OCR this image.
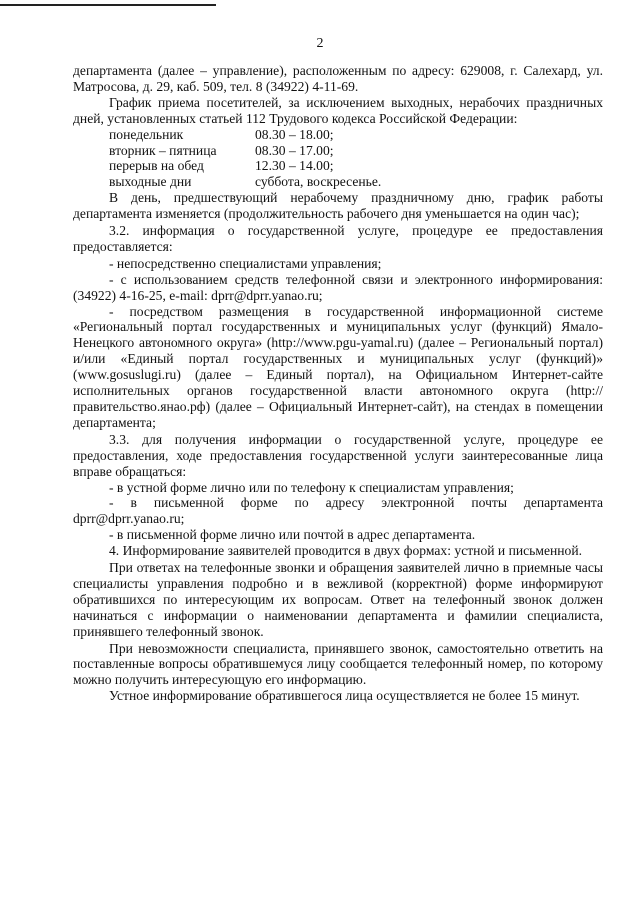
2

департамента (далее – управление), расположенным по адресу: 629008, г. Салехард, ул. Матросова, д. 29, каб. 509, тел. 8 (34922) 4-11-69.

График приема посетителей, за исключением выходных, нерабочих праздничных дней, установленных статьей 112 Трудового кодекса Российской Федерации:

понедельник	08.30 – 18.00;
вторник – пятница	08.30 – 17.00;
перерыв на обед	12.30 – 14.00;
выходные дни	суббота, воскресенье.

В день, предшествующий нерабочему праздничному дню, график работы департамента изменяется (продолжительность рабочего дня уменьшается на один час);

3.2. информация о государственной услуге, процедуре ее предоставления предоставляется:

- непосредственно специалистами управления;

- с использованием средств телефонной связи и электронного информирования: (34922) 4-16-25, e-mail: dprr@dprr.yanao.ru;

- посредством размещения в государственной информационной системе «Региональный портал государственных и муниципальных услуг (функций) Ямало-Ненецкого автономного округа» (http://www.pgu-yamal.ru) (далее – Региональный портал) и/или «Единый портал государственных и муниципальных услуг (функций)» (www.gosuslugi.ru) (далее – Единый портал), на Официальном Интернет-сайте исполнительных органов государственной власти автономного округа (http://правительство.янао.рф) (далее – Официальный Интернет-сайт), на стендах в помещении департамента;

3.3. для получения информации о государственной услуге, процедуре ее предоставления, ходе предоставления государственной услуги заинтересованные лица вправе обращаться:

- в устной форме лично или по телефону к специалистам управления;

- в письменной форме по адресу электронной почты департамента dprr@dprr.yanao.ru;

- в письменной форме лично или почтой в адрес департамента.

4. Информирование заявителей проводится в двух формах: устной и письменной.

При ответах на телефонные звонки и обращения заявителей лично в приемные часы специалисты управления подробно и в вежливой (корректной) форме информируют обратившихся по интересующим их вопросам. Ответ на телефонный звонок должен начинаться с информации о наименовании департамента и фамилии специалиста, принявшего телефонный звонок.

При невозможности специалиста, принявшего звонок, самостоятельно ответить на поставленные вопросы обратившемуся лицу сообщается телефонный номер, по которому можно получить интересующую его информацию.

Устное информирование обратившегося лица осуществляется не более 15 минут.
